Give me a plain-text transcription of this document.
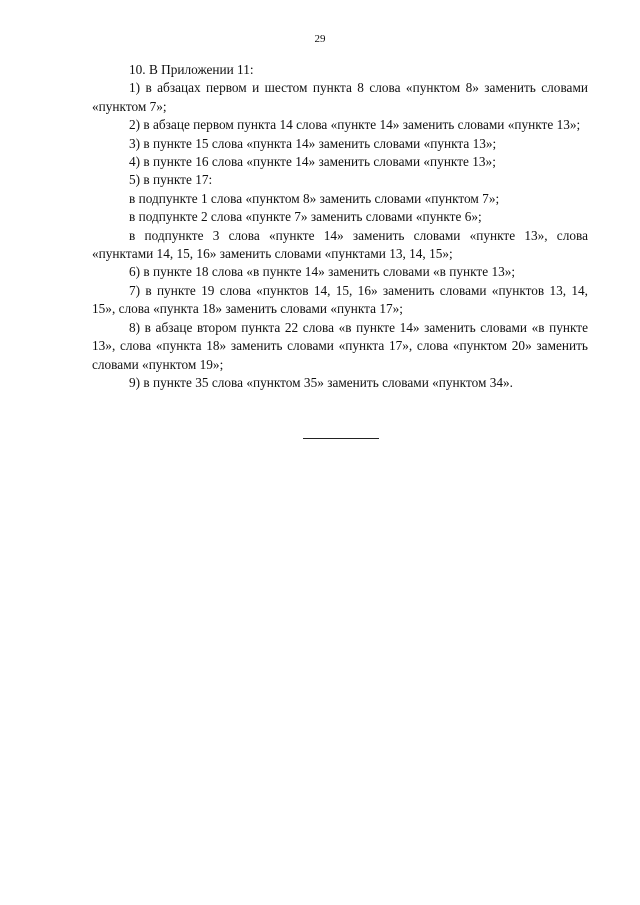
29

10. В Приложении 11:

1) в абзацах первом и шестом пункта 8 слова «пунктом 8» заменить словами «пунктом 7»;

2) в абзаце первом пункта 14 слова «пункте 14» заменить словами «пункте 13»;

3) в пункте 15 слова «пункта 14» заменить словами «пункта 13»;

4) в пункте 16 слова «пункте 14» заменить словами «пункте 13»;

5) в пункте 17:

в подпункте 1 слова «пунктом 8» заменить словами «пунктом 7»;

в подпункте 2 слова «пункте 7» заменить словами «пункте 6»;

в подпункте 3 слова «пункте 14» заменить словами «пункте 13», слова «пунктами 14, 15, 16» заменить словами «пунктами 13, 14, 15»;

6) в пункте 18 слова «в пункте 14» заменить словами «в пункте 13»;

7) в пункте 19 слова «пунктов 14, 15, 16» заменить словами «пунктов 13, 14, 15», слова «пункта 18» заменить словами «пункта 17»;

8) в абзаце втором пункта 22 слова «в пункте 14» заменить словами «в пункте 13», слова «пункта 18» заменить словами «пункта 17», слова «пунктом 20» заменить словами «пунктом 19»;

9) в пункте 35 слова «пунктом 35» заменить словами «пунктом 34».
